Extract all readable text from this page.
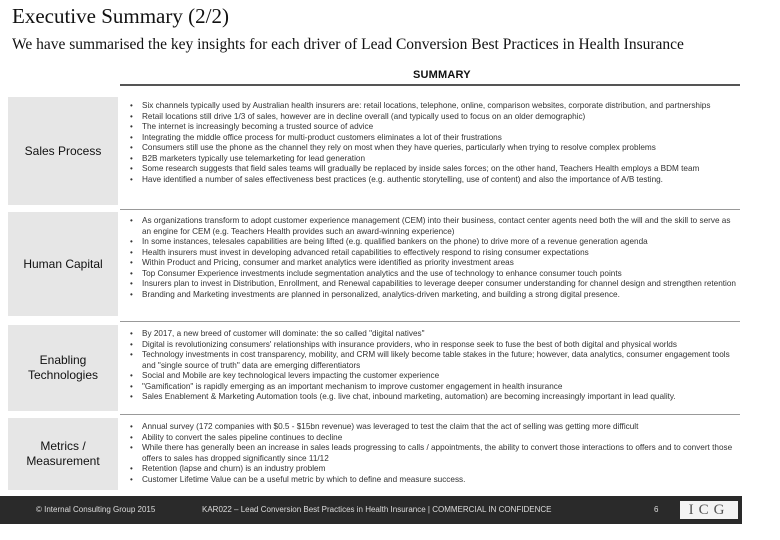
Executive Summary (2/2)
We have summarised the key insights for each driver of Lead Conversion Best Practices in Health Insurance
SUMMARY
Sales Process
• Six channels typically used by Australian health insurers are: retail locations, telephone, online, comparison websites, corporate distribution, and partnerships
• Retail locations still drive 1/3 of sales, however are in decline overall (and typically used to focus on an older demographic)
• The internet is increasingly becoming a trusted source of advice
• Integrating the middle office process for multi-product customers eliminates a lot of their frustrations
• Consumers still use the phone as the channel they rely on most when they have queries, particularly when trying to resolve complex problems
• B2B marketers typically use telemarketing for lead generation
• Some research suggests that field sales teams will gradually be replaced by inside sales forces; on the other hand, Teachers Health employs a BDM team
• Have identified a number of sales effectiveness best practices (e.g. authentic storytelling, use of content) and also the importance of A/B testing.
Human Capital
• As organizations transform to adopt customer experience management (CEM) into their business, contact center agents need both the will and the skill to serve as an engine for CEM (e.g. Teachers Health provides such an award-winning experience)
• In some instances, telesales capabilities are being lifted (e.g. qualified bankers on the phone) to drive more of a revenue generation agenda
• Health insurers must invest in developing advanced retail capabilities to effectively respond to rising consumer expectations
• Within Product and Pricing, consumer and market analytics were identified as priority investment areas
• Top Consumer Experience investments include segmentation analytics and the use of technology to enhance consumer touch points
• Insurers plan to invest in Distribution, Enrollment, and Renewal capabilities to leverage deeper consumer understanding for channel design and strengthen retention
• Branding and Marketing investments are planned in personalized, analytics-driven marketing, and building a strong digital presence.
Enabling Technologies
• By 2017, a new breed of customer will dominate: the so called "digital natives"
• Digital is revolutionizing consumers' relationships with insurance providers, who in response seek to fuse the best of both digital and physical worlds
• Technology investments in cost transparency, mobility, and CRM will likely become table stakes in the future; however, data analytics, consumer engagement tools and "single source of truth" data are emerging differentiators
• Social and Mobile are key technological levers impacting the customer experience
• "Gamification" is rapidly emerging as an important mechanism to improve customer engagement in health insurance
• Sales Enablement & Marketing Automation tools (e.g. live chat, inbound marketing, automation) are becoming increasingly important in lead quality.
Metrics / Measurement
• Annual survey (172 companies with $0.5 - $15bn revenue) was leveraged to test the claim that the act of selling was getting more difficult
• Ability to convert the sales pipeline continues to decline
• While there has generally been an increase in sales leads progressing to calls / appointments, the ability to convert those interactions to offers and to convert those offers to sales has dropped significantly since 11/12
• Retention (lapse and churn) is an industry problem
• Customer Lifetime Value can be a useful metric by which to define and measure success.
© Internal Consulting Group 2015	KAR022 – Lead Conversion Best Practices in Health Insurance | COMMERCIAL IN CONFIDENCE	6	ICG
